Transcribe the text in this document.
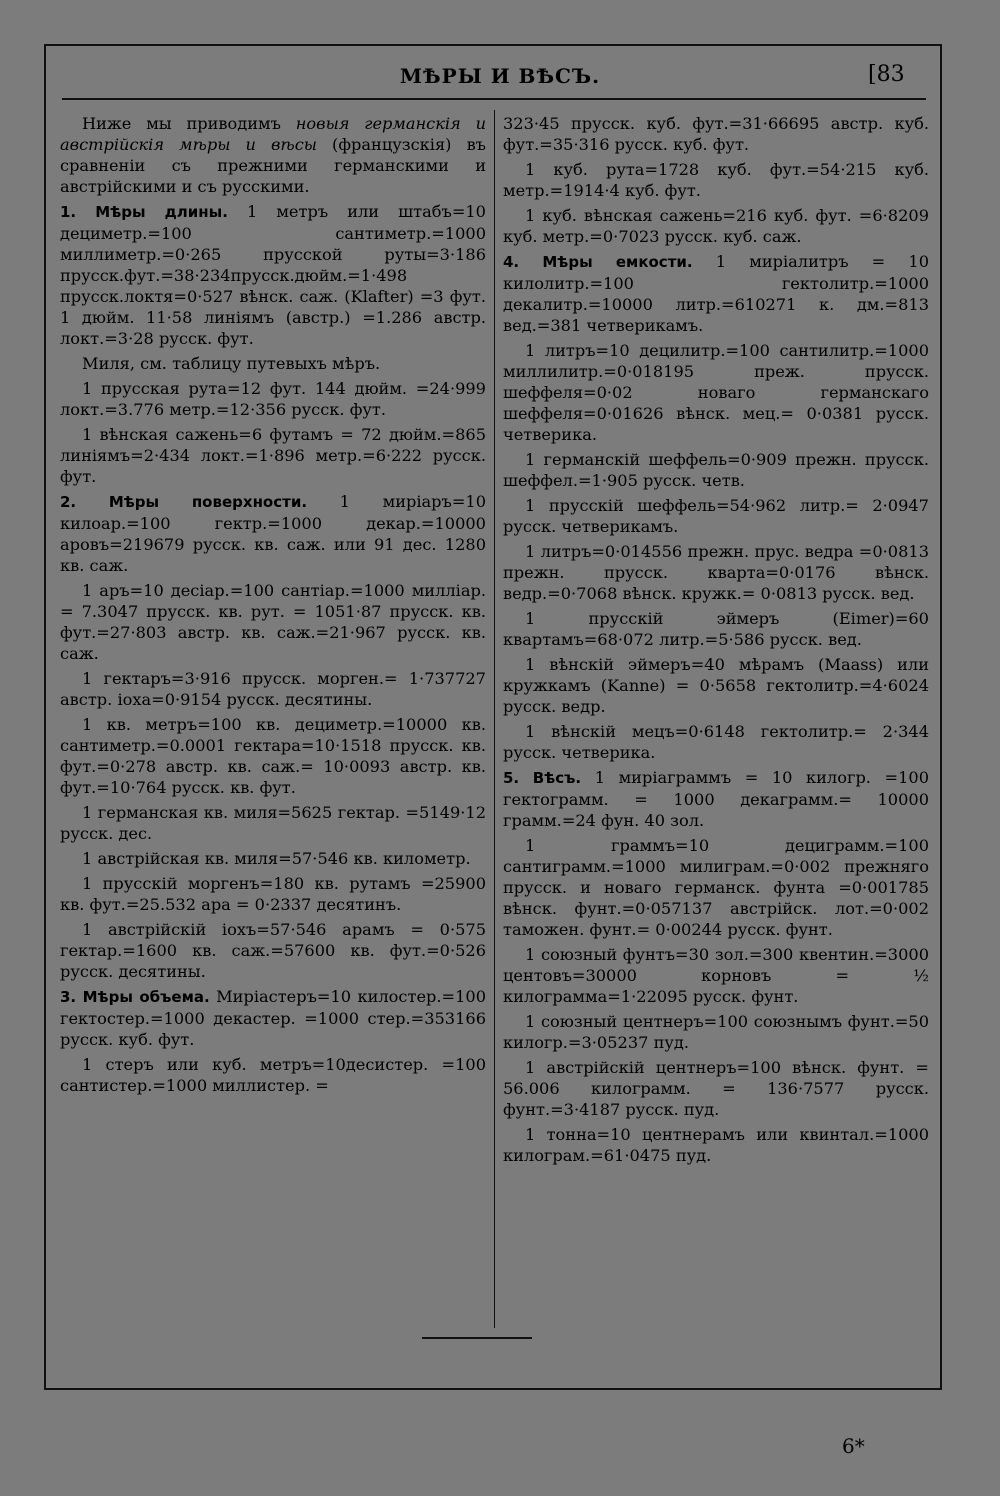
МѢРЫ И ВѢСЪ.	[83

Ниже мы приводимъ новыя германскія и австрійскія мѣры и вѣсы (французскія) въ сравненіи съ прежними германскими и австрійскими и съ русскими.

1. Мѣры длины. 1 метръ или штабъ=10 дециметр.=100 сантиметр.=1000 миллиметр.=0·265 прусской руты=3·186 прусск.фут.=38·234прусск.дюйм.=1·498 прусск.локтя=0·527 вѣнск. саж. (Klafter) =3 фут. 1 дюйм. 11·58 линіямъ (австр.) =1.286 австр. локт.=3·28 русск. фут.

Миля, см. таблицу путевыхъ мѣръ.

1 прусская рута=12 фут. 144 дюйм. =24·999 локт.=3.776 метр.=12·356 русск. фут.

1 вѣнская сажень=6 футамъ = 72 дюйм.=865 линіямъ=2·434 локт.=1·896 метр.=6·222 русск. фут.

2. Мѣры поверхности. 1 миріаръ=10 килоар.=100 гектр.=1000 декар.=10000 аровъ=219679 русск. кв. саж. или 91 дес. 1280 кв. саж.

1 аръ=10 десіар.=100 сантіар.=1000 милліар. = 7.3047 прусск. кв. рут. = 1051·87 прусск. кв. фут.=27·803 австр. кв. саж.=21·967 русск. кв. саж.

1 гектаръ=3·916 прусск. морген.= 1·737727 австр. іоха=0·9154 русск. десятины.

1 кв. метръ=100 кв. дециметр.=10000 кв. сантиметр.=0.0001 гектара=10·1518 прусск. кв. фут.=0·278 австр. кв. саж.= 10·0093 австр. кв. фут.=10·764 русск. кв. фут.

1 германская кв. миля=5625 гектар. =5149·12 русск. дес.

1 австрійская кв. миля=57·546 кв. километр.

1 прусскій моргенъ=180 кв. рутамъ =25900 кв. фут.=25.532 ара = 0·2337 десятинъ.

1 австрійскій іохъ=57·546 арамъ = 0·575 гектар.=1600 кв. саж.=57600 кв. фут.=0·526 русск. десятины.

3. Мѣры объема. Миріастеръ=10 килостер.=100 гектостер.=1000 декастер. =1000 стер.=353166 русск. куб. фут.

1 стеръ или куб. метръ=10десистер. =100 сантистер.=1000 миллистер. =

323·45 прусск. куб. фут.=31·66695 австр. куб. фут.=35·316 русск. куб. фут.

1 куб. рута=1728 куб. фут.=54·215 куб. метр.=1914·4 куб. фут.

1 куб. вѣнская сажень=216 куб. фут. =6·8209 куб. метр.=0·7023 русск. куб. саж.

4. Мѣры емкости. 1 миріалитръ = 10 килолитр.=100 гектолитр.=1000 декалитр.=10000 литр.=610271 к. дм.=813 вед.=381 четверикамъ.

1 литръ=10 децилитр.=100 сантилитр.=1000 миллилитр.=0·018195 преж. прусск. шеффеля=0·02 новаго германскаго шеффеля=0·01626 вѣнск. мец.= 0·0381 русск. четверика.

1 германскій шеффель=0·909 прежн. прусск. шеффел.=1·905 русск. четв.

1 прусскій шеффель=54·962 литр.= 2·0947 русск. четверикамъ.

1 литръ=0·014556 прежн. прус. ведра =0·0813 прежн. прусск. кварта=0·0176 вѣнск. ведр.=0·7068 вѣнск. кружк.= 0·0813 русск. вед.

1 прусскій эймеръ (Eimer)=60 квартамъ=68·072 литр.=5·586 русск. вед.

1 вѣнскій эймеръ=40 мѣрамъ (Maass) или кружкамъ (Kanne) = 0·5658 гектолитр.=4·6024 русск. ведр.

1 вѣнскій мецъ=0·6148 гектолитр.= 2·344 русск. четверика.

5. Вѣсъ. 1 миріаграммъ = 10 килогр. =100 гектограмм. = 1000 декаграмм.= 10000 грамм.=24 фун. 40 зол.

1 граммъ=10 дециграмм.=100 сантиграмм.=1000 милиграм.=0·002 прежняго прусск. и новаго германск. фунта =0·001785 вѣнск. фунт.=0·057137 австрійск. лот.=0·002 таможен. фунт.= 0·00244 русск. фунт.

1 союзный фунтъ=30 зол.=300 квентин.=3000 центовъ=30000 корновъ = ½ килограмма=1·22095 русск. фунт.

1 союзный центнеръ=100 союзнымъ фунт.=50 килогр.=3·05237 пуд.

1 австрійскій центнеръ=100 вѣнск. фунт. = 56.006 килограмм. = 136·7577 русск. фунт.=3·4187 русск. пуд.

1 тонна=10 центнерамъ или квинтал.=1000 килограм.=61·0475 пуд.

6*
